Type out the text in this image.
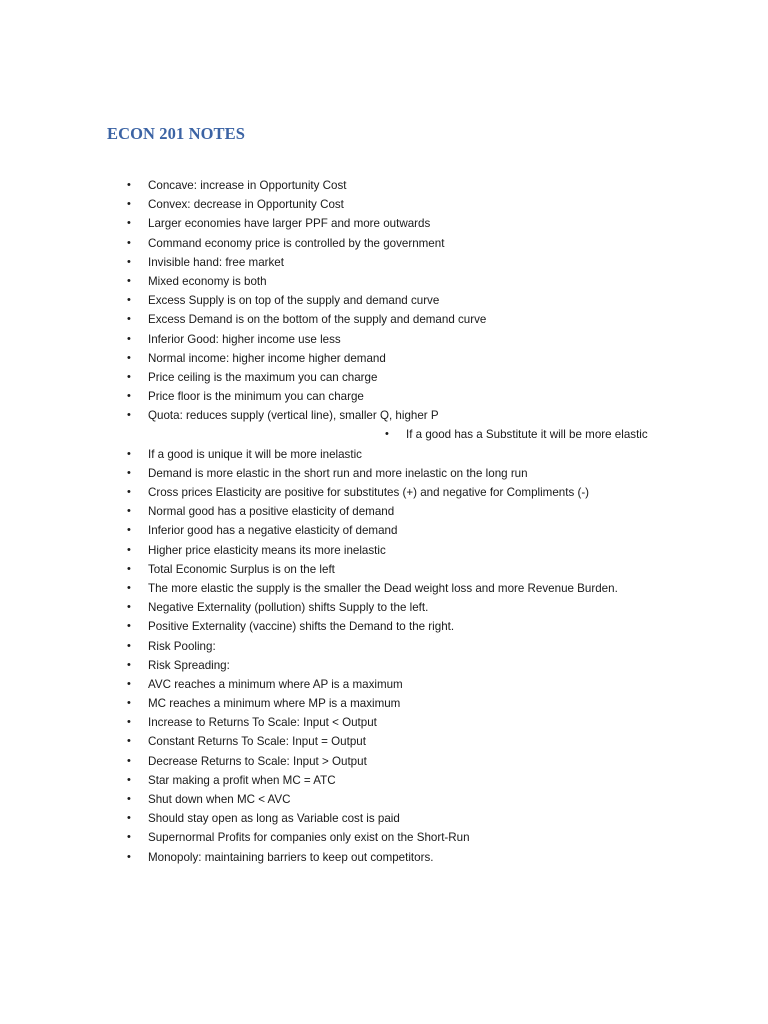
ECON 201 NOTES
• Concave: increase in Opportunity Cost
• Convex: decrease in Opportunity Cost
• Larger economies have larger PPF and more outwards
• Command economy price is controlled by the government
• Invisible hand: free market
• Mixed economy is both
• Excess Supply is on top of the supply and demand curve
• Excess Demand is on the bottom of the supply and demand curve
• Inferior Good: higher income use less
• Normal income: higher income higher demand
• Price ceiling is the maximum you can charge
• Price floor is the minimum you can charge
• Quota: reduces supply (vertical line), smaller Q, higher P
• If a good has a Substitute it will be more elastic
• If a good is unique it will be more inelastic
• Demand is more elastic in the short run and more inelastic on the long run
• Cross prices Elasticity are positive for substitutes (+) and negative for Compliments (-)
• Normal good has a positive elasticity of demand
• Inferior good has a negative elasticity of demand
• Higher price elasticity means its more inelastic
• Total Economic Surplus is on the left
• The more elastic the supply is the smaller the Dead weight loss and more Revenue Burden.
• Negative Externality (pollution) shifts Supply to the left.
• Positive Externality (vaccine) shifts the Demand to the right.
• Risk Pooling:
• Risk Spreading:
• AVC reaches a minimum where AP is a maximum
• MC reaches a minimum where MP is a maximum
• Increase to Returns To Scale: Input < Output
• Constant Returns To Scale: Input = Output
• Decrease Returns to Scale: Input > Output
• Star making a profit when MC = ATC
• Shut down when MC < AVC
• Should stay open as long as Variable cost is paid
• Supernormal Profits for companies only exist on the Short-Run
• Monopoly: maintaining barriers to keep out competitors.
